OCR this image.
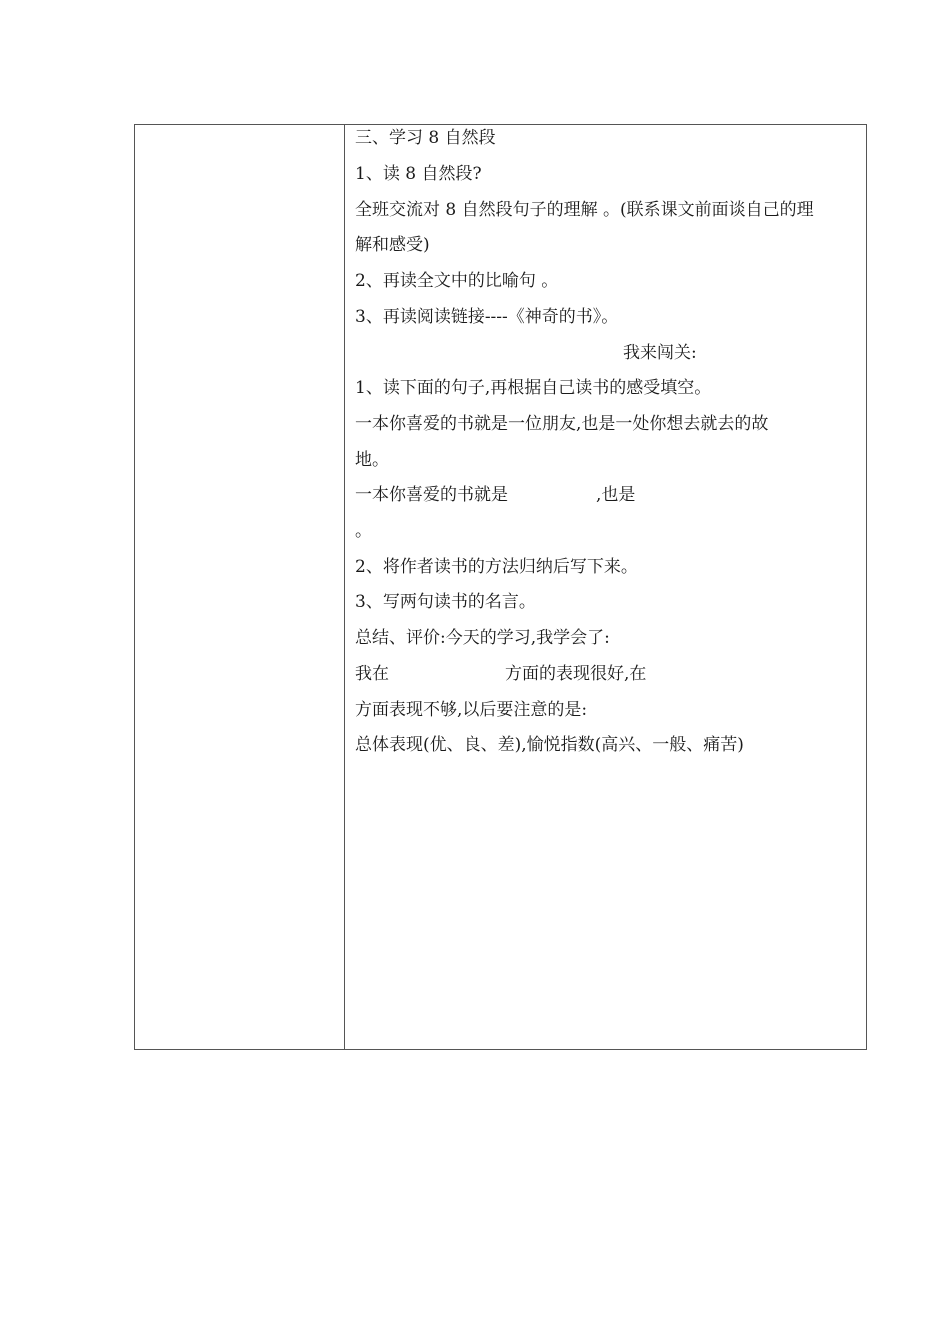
三、学习 8 自然段
1、读 8 自然段?
全班交流对 8 自然段句子的理解 。(联系课文前面谈自己的理
解和感受)
2、再读全文中的比喻句 。
3、再读阅读链接----《神奇的书》。
我来闯关:
1、读下面的句子,再根据自己读书的感受填空。
一本你喜爱的书就是一位朋友,也是一处你想去就去的故
地。
一本你喜爱的书就是	,也是
。
2、将作者读书的方法归纳后写下来。
3、写两句读书的名言。
总结、评价:今天的学习,我学会了:
我在	方面的表现很好,在
方面表现不够,以后要注意的是:
总体表现(优、良、差),愉悦指数(高兴、一般、痛苦)
